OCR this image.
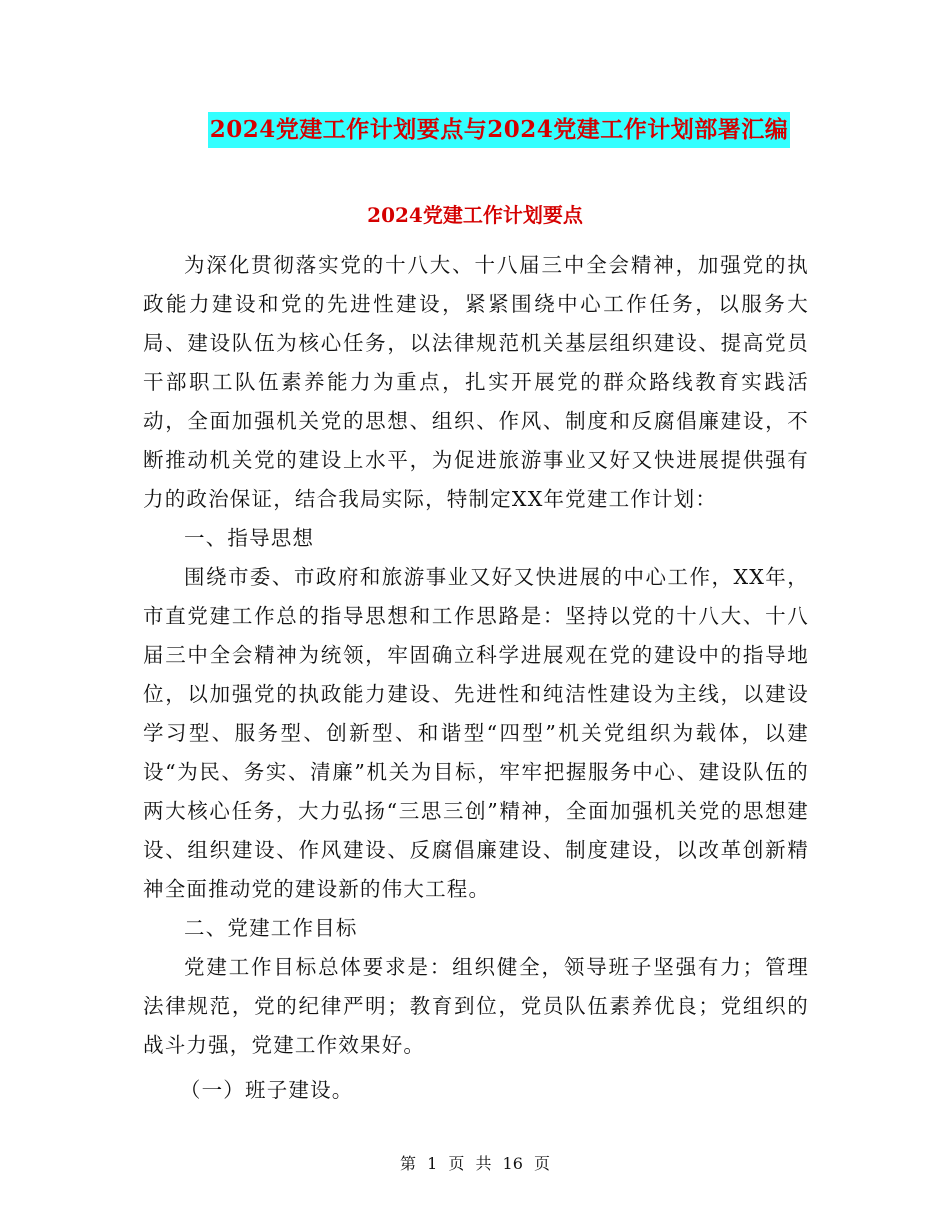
2024党建工作计划要点与2024党建工作计划部署汇编
2024党建工作计划要点

为深化贯彻落实党的十八大、十八届三中全会精神，加强党的执政能力建设和党的先进性建设，紧紧围绕中心工作任务，以服务大局、建设队伍为核心任务，以法律规范机关基层组织建设、提高党员干部职工队伍素养能力为重点，扎实开展党的群众路线教育实践活动，全面加强机关党的思想、组织、作风、制度和反腐倡廉建设，不断推动机关党的建设上水平，为促进旅游事业又好又快进展提供强有力的政治保证，结合我局实际，特制定XX年党建工作计划：

一、指导思想

围绕市委、市政府和旅游事业又好又快进展的中心工作，XX年，市直党建工作总的指导思想和工作思路是：坚持以党的十八大、十八届三中全会精神为统领，牢固确立科学进展观在党的建设中的指导地位，以加强党的执政能力建设、先进性和纯洁性建设为主线，以建设学习型、服务型、创新型、和谐型“四型”机关党组织为载体，以建设“为民、务实、清廉”机关为目标，牢牢把握服务中心、建设队伍的两大核心任务，大力弘扬“三思三创”精神，全面加强机关党的思想建设、组织建设、作风建设、反腐倡廉建设、制度建设，以改革创新精神全面推动党的建设新的伟大工程。

二、党建工作目标

党建工作目标总体要求是：组织健全，领导班子坚强有力；管理法律规范，党的纪律严明；教育到位，党员队伍素养优良；党组织的战斗力强，党建工作效果好。

（一）班子建设。

第 1 页 共 16 页
